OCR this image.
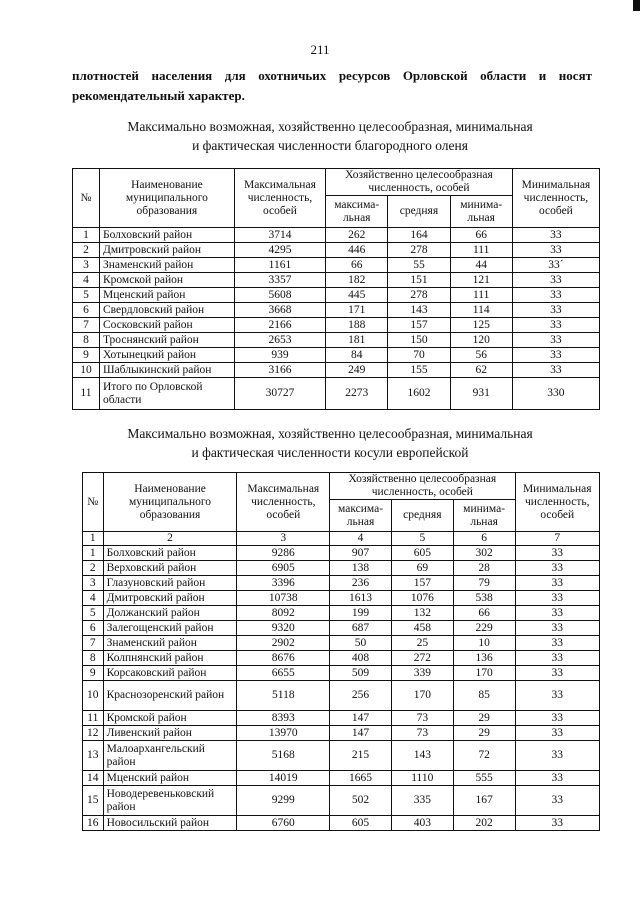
211
плотностей населения для охотничьих ресурсов Орловской области и носят рекомендательный характер.
Максимально возможная, хозяйственно целесообразная, минимальная
и фактическая численности благородного оленя
№	Наименование муниципального образования	Максимальная численность, особей	Хозяйственно целесообразная численность, особей			Минимальная численность, особей
			максима-льная	средняя	минима-льная	
1	Болховский район	3714	262	164	66	33
2	Дмитровский район	4295	446	278	111	33
3	Знаменский район	1161	66	55	44	33´
4	Кромской район	3357	182	151	121	33
5	Мценский район	5608	445	278	111	33
6	Свердловский район	3668	171	143	114	33
7	Сосковский район	2166	188	157	125	33
8	Троснянский район	2653	181	150	120	33
9	Хотынецкий район	939	84	70	56	33
10	Шаблыкинский район	3166	249	155	62	33
11	Итого по Орловской области	30727	2273	1602	931	330
Максимально возможная, хозяйственно целесообразная, минимальная
и фактическая численности косули европейской
№	Наименование муниципального образования	Максимальная численность, особей	Хозяйственно целесообразная численность, особей			Минимальная численность, особей
			максима-льная	средняя	минима-льная	
1	2	3	4	5	6	7
1	Болховский район	9286	907	605	302	33
2	Верховский район	6905	138	69	28	33
3	Глазуновский район	3396	236	157	79	33
4	Дмитровский район	10738	1613	1076	538	33
5	Должанский район	8092	199	132	66	33
6	Залегощенский район	9320	687	458	229	33
7	Знаменский район	2902	50	25	10	33
8	Колпнянский район	8676	408	272	136	33
9	Корсаковский район	6655	509	339	170	33
10	Краснозоренский район	5118	256	170	85	33
11	Кромской район	8393	147	73	29	33
12	Ливенский район	13970	147	73	29	33
13	Малоархангельский район	5168	215	143	72	33
14	Мценский район	14019	1665	1110	555	33
15	Новодеревеньковский район	9299	502	335	167	33
16	Новосильский район	6760	605	403	202	33
